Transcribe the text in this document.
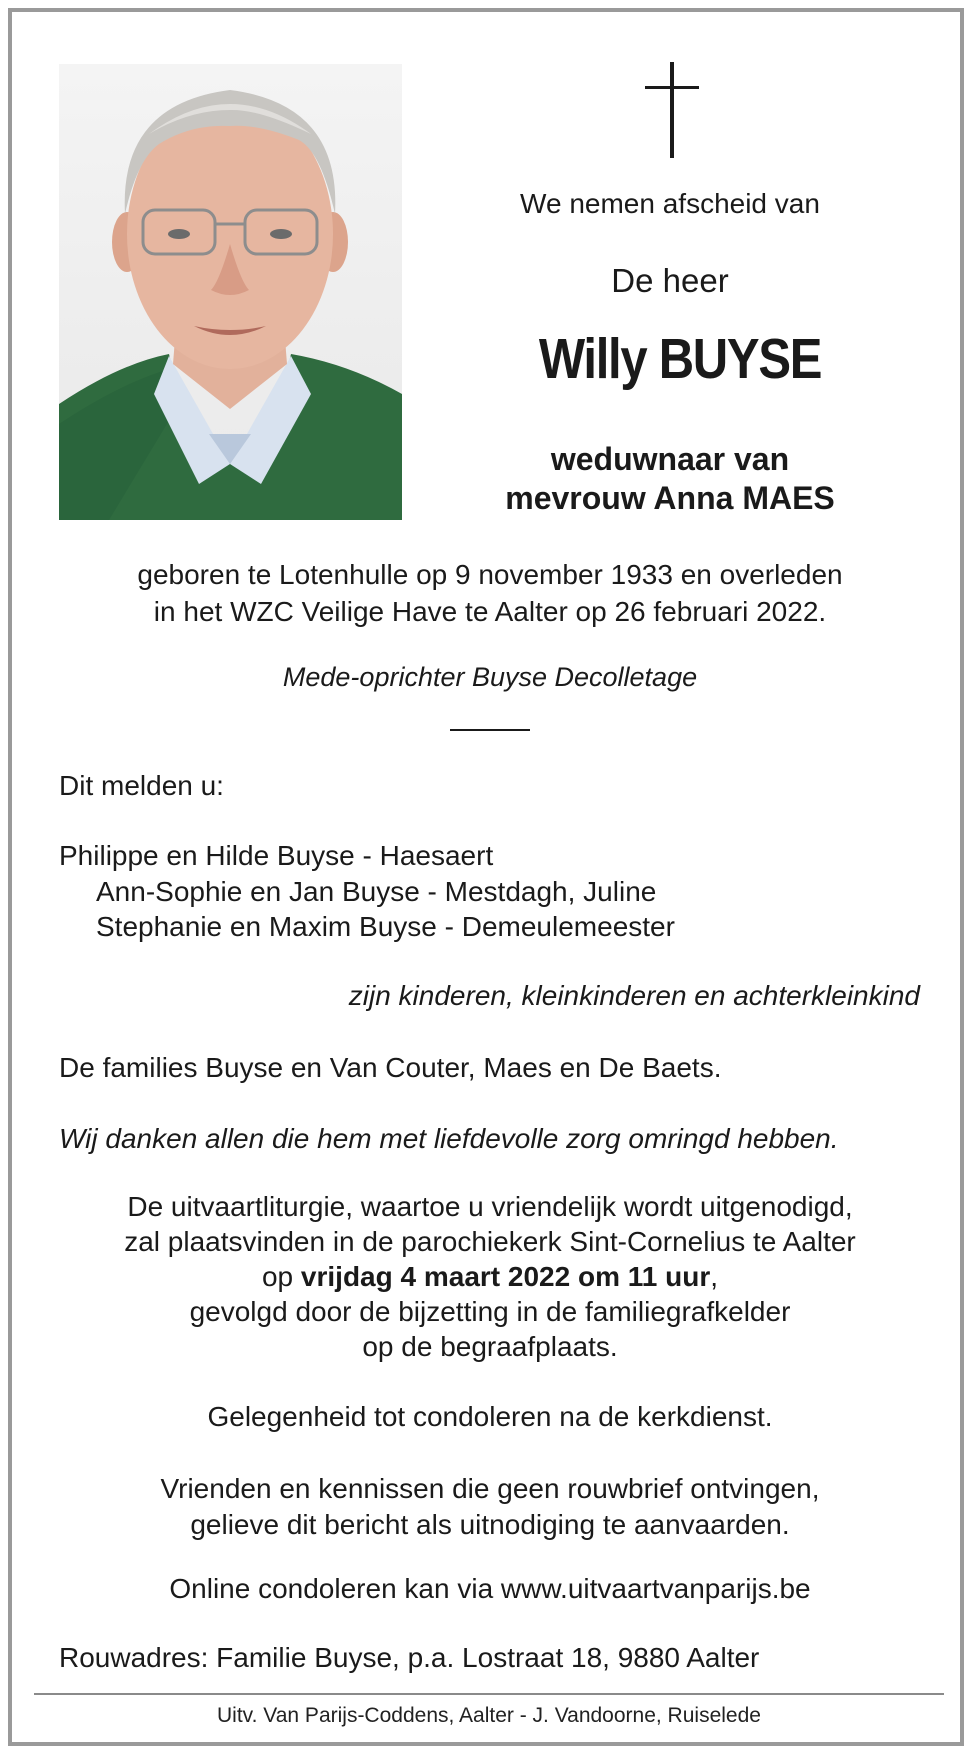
We nemen afscheid van
De heer
Willy BUYSE
weduwnaar van
mevrouw Anna MAES
geboren te Lotenhulle op 9 november 1933 en overleden
in het WZC Veilige Have te Aalter op 26 februari 2022.
Mede-oprichter Buyse Decolletage
Dit melden u:
Philippe en Hilde Buyse - Haesaert
Ann-Sophie en Jan Buyse - Mestdagh, Juline
Stephanie en Maxim Buyse - Demeulemeester
zijn kinderen, kleinkinderen en achterkleinkind
De families Buyse en Van Couter, Maes en De Baets.
Wij danken allen die hem met liefdevolle zorg omringd hebben.
De uitvaartliturgie, waartoe u vriendelijk wordt uitgenodigd,
zal plaatsvinden in de parochiekerk Sint-Cornelius te Aalter
op vrijdag 4 maart 2022 om 11 uur,
gevolgd door de bijzetting in de familiegrafkelder
op de begraafplaats.
Gelegenheid tot condoleren na de kerkdienst.
Vrienden en kennissen die geen rouwbrief ontvingen,
gelieve dit bericht als uitnodiging te aanvaarden.
Online condoleren kan via www.uitvaartvanparijs.be
Rouwadres: Familie Buyse, p.a. Lostraat 18, 9880 Aalter
Uitv. Van Parijs-Coddens, Aalter - J. Vandoorne, Ruiselede
